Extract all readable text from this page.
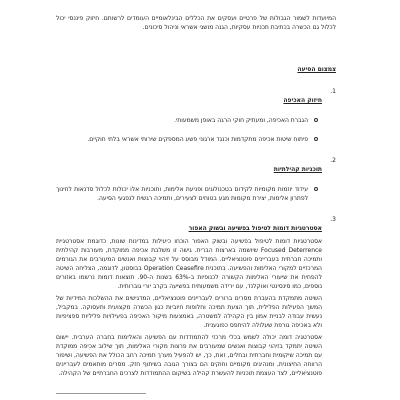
המיועדות לשמור הגבולות של פרטיים ועסקים את הכללים הבינלאומיים העומדים לרשותם. חיזוק פיננסי יכול לכלול גם הכשרה בכתיבת תכניות עסקיות, הגנה מושגי אשראי וניהול סיכונים.

צמצום הסיעה
1.
חיזוק האכיפה
הגברת האכיפה, ומעתיק חוקי הרגה באופן משמעותי.
פיתוח שיטות אכיפה מתקדמות וכנגד ארגוני פשע המספקים שירותי אשראי בלתי חוקיים.
2.
תוכניות קהילתיות
עידוד יוזמות מקומיות לקידום בטכנולוגים ופניעת אלימות, ותוכניות אלו יכולות לכלול סדנאות לחינוך לפתרון אלימות, יצירת מקומות מגע בטוחים לצעירים, ותמיכה רגשית לנפגעי הסיעה.
3.
אסטרטגיות דומות לטיפול בפשיעה ובשוק האפור

אסטרטגיות דומות לטיפול בפשיעה ובשוק האפור הוכחו כיעילות במדינות שונות, כדוגמת אסטרטגיית Focused Deterrence שיושמה בארצות הברית. גישה זו משלבת אכיפה ממוקדת, מעורבות קהילתית ותמיכה חברתית בעבריינים פוטנציאליים. המודל מבוסס על זיהוי קבוצות ואנשים המעורבים את הגורמים המרכזיים למקורי האלימות והפשיעה. בתוכנית Operation Ceasefire בבוסטון, לדוגמה, הצליחה השיטה להפחית את שיעורי האלימות הקשורה לכנופיות ב-63% בשנות ה-90. תוצאות דומות נרשמו באזורים נוספים, כמו סינסינטי ואוקלנד, עם ירידה משמעותית בפשיעה בקרב יורי גוברותית.

השיטה מתמקדת בהעברת מסרים ברורים לעבריינים פוטנציאליים, המדגישים את ההשלכות המידיות של המשך הפעילות הפלילית, תוך הצעת תמיכה וחלופות חיוביות כגון הכשרה מקצועית ותעסוקה. במקביל, נעשית עבודה לבניית אמון בין הקהילה למשטרה, באמצעות מיקור האכיפה בפעילויות פליליות ספציפיות ולא באכיפה גורפת שעלולה להיתפס כפוגענית.

אסטרטגיה דומה יכולה לשמש בכלי מרכזי להתמודדות עם הפשיעה והאלימות בחברה הערבית. יישום השיטה יתמקד בזיהוי קבוצות ואנשים שמעורבים את פרצות מקורי האלימות, תוך שילוב אכיפה ממוקדת עם תמיכה שיקומית וחברתית ובחלים, זאת, כך, יש להפעיל מערך תמיכה רחב הכולל את הפשיעה, ושיפור הרווחה החיצונית, ומנהיגים מקומיים וחוקים הם בצורך הגובה בשיתוף חזק. מסרים מותאמים לעבריינים פוטנציאליים, לצד העצמת תוכניות להעשרת קהילה בשיקום ההתמודדות לצרכים החברתיים של הקהילה.
